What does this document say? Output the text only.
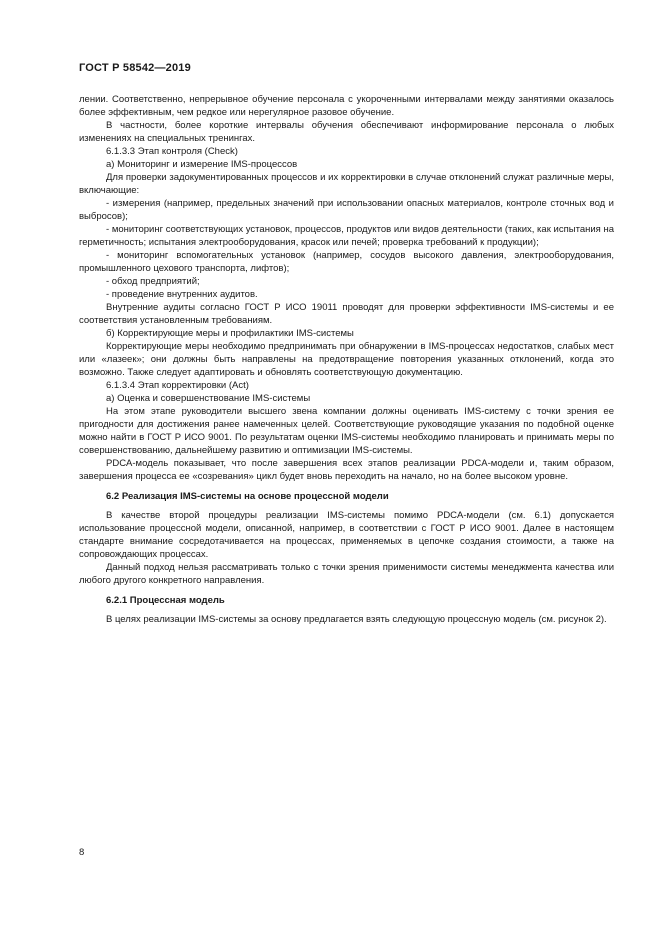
ГОСТ Р 58542—2019

лении. Соответственно, непрерывное обучение персонала с укороченными интервалами между занятиями оказалось более эффективным, чем редкое или нерегулярное разовое обучение.

В частности, более короткие интервалы обучения обеспечивают информирование персонала о любых изменениях на специальных тренингах.

6.1.3.3 Этап контроля (Check)

а) Мониторинг и измерение IMS-процессов

Для проверки задокументированных процессов и их корректировки в случае отклонений служат различные меры, включающие:

- измерения (например, предельных значений при использовании опасных материалов, контроле сточных вод и выбросов);

- мониторинг соответствующих установок, процессов, продуктов или видов деятельности (таких, как испытания на герметичность; испытания электрооборудования, красок или печей; проверка требований к продукции);

- мониторинг вспомогательных установок (например, сосудов высокого давления, электрооборудования, промышленного цехового транспорта, лифтов);

- обход предприятий;

- проведение внутренних аудитов.

Внутренние аудиты согласно ГОСТ Р ИСО 19011 проводят для проверки эффективности IMS-системы и ее соответствия установленным требованиям.

б) Корректирующие меры и профилактики IMS-системы

Корректирующие меры необходимо предпринимать при обнаружении в IMS-процессах недостатков, слабых мест или «лазеек»; они должны быть направлены на предотвращение повторения указанных отклонений, когда это возможно. Также следует адаптировать и обновлять соответствующую документацию.

6.1.3.4 Этап корректировки (Act)

а) Оценка и совершенствование IMS-системы

На этом этапе руководители высшего звена компании должны оценивать IMS-систему с точки зрения ее пригодности для достижения ранее намеченных целей. Соответствующие руководящие указания по подобной оценке можно найти в ГОСТ Р ИСО 9001. По результатам оценки IMS-системы необходимо планировать и принимать меры по совершенствованию, дальнейшему развитию и оптимизации IMS-системы.

PDCA-модель показывает, что после завершения всех этапов реализации PDCA-модели и, таким образом, завершения процесса ее «созревания» цикл будет вновь переходить на начало, но на более высоком уровне.

6.2 Реализация IMS-системы на основе процессной модели

В качестве второй процедуры реализации IMS-системы помимо PDCA-модели (см. 6.1) допускается использование процессной модели, описанной, например, в соответствии с ГОСТ Р ИСО 9001. Далее в настоящем стандарте внимание сосредотачивается на процессах, применяемых в цепочке создания стоимости, а также на сопровождающих процессах.

Данный подход нельзя рассматривать только с точки зрения применимости системы менеджмента качества или любого другого конкретного направления.

6.2.1 Процессная модель

В целях реализации IMS-системы за основу предлагается взять следующую процессную модель (см. рисунок 2).

8
